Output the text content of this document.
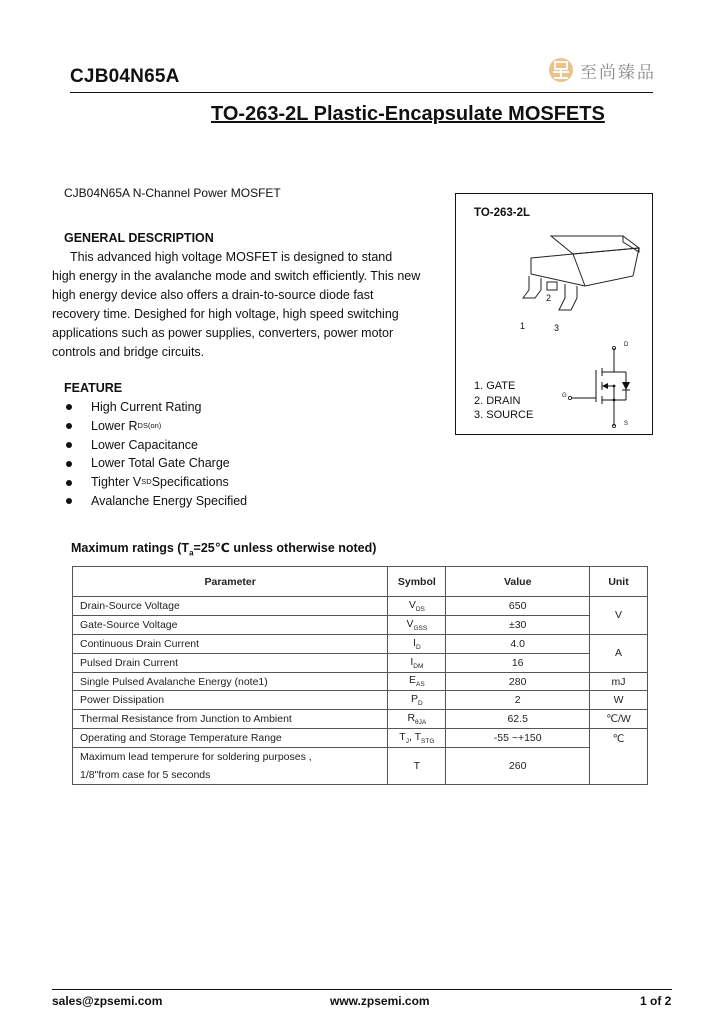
CJB04N65A	至尚臻品
TO-263-2L Plastic-Encapsulate MOSFETS
CJB04N65A N-Channel Power MOSFET
GENERAL DESCRIPTION
This advanced high voltage MOSFET is designed to stand
high energy in the avalanche mode and switch efficiently. This new
high energy device also offers a drain-to-source diode fast
recovery time. Desighed for high voltage, high speed switching
applications such as power supplies, converters, power motor
controls and bridge circuits.
FEATURE
High Current Rating
Lower R DS(on)
Lower Capacitance
Lower Total Gate Charge
Tighter V SD Specifications
Avalanche Energy Specified
TO-263-2L
2
1	3
1. GATE
2. DRAIN
3. SOURCE
D
G
S
Maximum ratings ($T_a=25℃$ unless otherwise noted)
Parameter	Symbol	Value	Unit
Drain-Source Voltage	$V_{DS}$	650	V
Gate-Source Voltage	$V_{GSS}$	±30	
Continuous Drain Current	$I_D$	4.0	A
Pulsed Drain Current	$I_{DM}$	16	
Single Pulsed Avalanche Energy (note1)	$E_{AS}$	280	mJ
Power Dissipation	$P_D$	2	W
Thermal Resistance from Junction to Ambient	$R_{\theta JA}$	62.5	℃/W
Operating and Storage Temperature Range	$T_J$, $T_{STG}$	-55 ~+150	℃

Maximum lead temperure for soldering purposes ,
1/8"from case for 5 seconds	T	260	
sales@zpsemi.com	www.zpsemi.com	1 of 2
